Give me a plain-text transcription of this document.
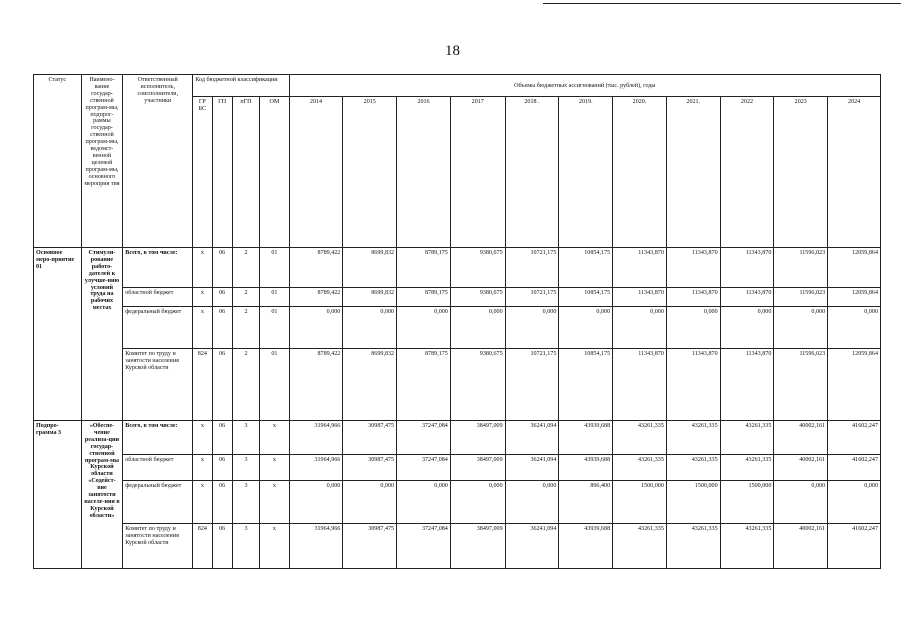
18
Статус	Наимено-вание государ-ственной програм-мы, подпрог-раммы государ-ственной програм-мы, ведомст-венной целевой програм-мы, основного мероприя тия	Ответственный исполнитель, соисполнители, участники	Код бюджетной классификации				Объемы бюджетных ассигнований (тыс. рублей), годы										
			ГР БС	ГП	пГП	ОМ	2014	2015	2016	2017	2018 .	2019.	2020.	2021.	2022	2023	2024
Основное меро-приятие 01	Стимули-рование работо-дателей к улучше-нию условий труда на рабочих местах	Всего, в том числе:	x	06	2	01	8789,422	8699,832	8789,175	9380,675	10721,175	10854,175	11343,870	11343,870	11343,870	11596,023	12059,864
		областной бюджет	x	06	2	01	8789,422	8699,832	8789,175	9380,675	10721,175	10854,175	11343,870	11343,870	11343,870	11596,023	12059,864
		федеральный бюджет	x	06	2	01	0,000	0,000	0,000	0,000	0,000	0,000	0,000	0,000	0,000	0,000	0,000
		Комитет по труду и занятости населения Курской области	824	06	2	01	8789,422	8699,832	8789,175	9380,675	10721,175	10854,175	11343,870	11343,870	11343,870	11596,023	12059,864
Подпро-грамма 3	«Обеспе-чение реализа-ции государ-ственной програм-мы Курской области «Содейст-вие занятости населе-ния в Курской области»	Всего, в том числе:	x	06	3	x	31964,966	30987,475	37247,084	38497,009	36241,094	43939,688	43261,335	43261,335	43261,335	40002,161	41602,247
		областной бюджет	x	06	3	x	31964,966	30987,475	37247,084	38497,009	36241,094	43939,688	43261,335	43261,335	43261,335	40002,161	41602,247
		федеральный бюджет	x	06	3	x	0,000	0,000	0,000	0,000	0,000	896,400	1500,000	1500,000	1500,000	0,000	0,000
		Комитет по труду и занятости населения Курской области	824	06	3	x	31964,966	30987,475	37247,084	38497,009	36241,094	43939,688	43261,335	43261,335	43261,335	40002,161	41602,247
